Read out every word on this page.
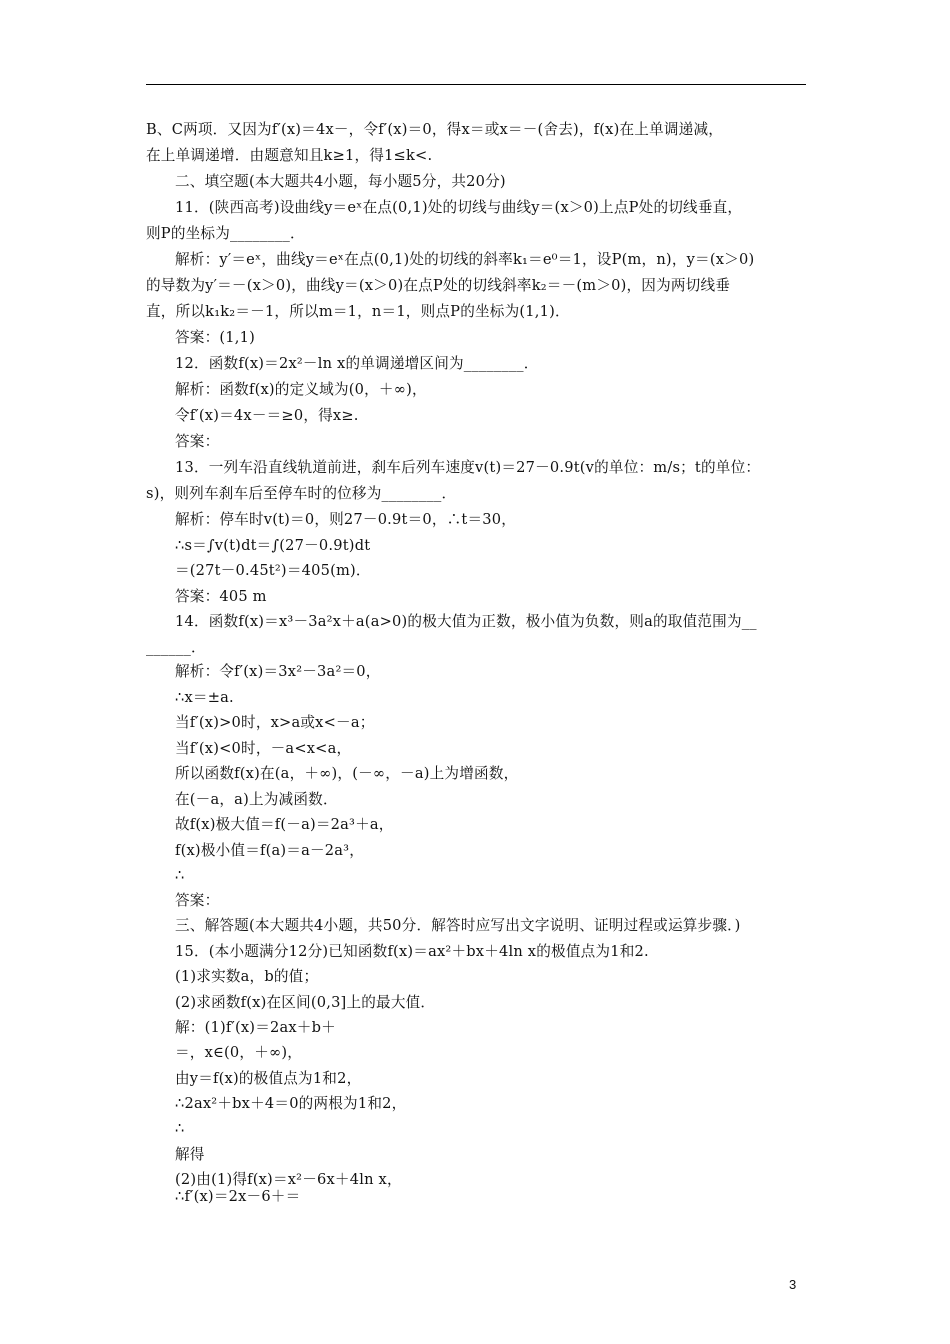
B、C两项．又因为f′(x)＝4x－，令f′(x)＝0，得x＝或x＝－(舍去)，f(x)在上单调递减，
在上单调递增．由题意知且k≥1，得1≤k<.
二、填空题(本大题共4小题，每小题5分，共20分)
11．(陕西高考)设曲线y＝eˣ在点(0,1)处的切线与曲线y＝(x＞0)上点P处的切线垂直，
则P的坐标为________．
解析：y′＝eˣ，曲线y＝eˣ在点(0,1)处的切线的斜率k₁＝e⁰＝1，设P(m，n)，y＝(x＞0)
的导数为y′＝－(x＞0)，曲线y＝(x＞0)在点P处的切线斜率k₂＝－(m＞0)，因为两切线垂
直，所以k₁k₂＝－1，所以m＝1，n＝1，则点P的坐标为(1,1)．
答案：(1,1)
12．函数f(x)＝2x²－ln x的单调递增区间为________．
解析：函数f(x)的定义域为(0，＋∞)，
令f′(x)＝4x－＝≥0，得x≥.
答案：
13．一列车沿直线轨道前进，刹车后列车速度v(t)＝27－0.9t(v的单位：m/s；t的单位：
s)，则列车刹车后至停车时的位移为________．
解析：停车时v(t)＝0，则27－0.9t＝0，∴t＝30，
∴s＝∫v(t)dt＝∫(27－0.9t)dt
＝(27t－0.45t²)＝405(m)．
答案：405 m
14．函数f(x)＝x³－3a²x＋a(a>0)的极大值为正数，极小值为负数，则a的取值范围为__
______．
解析：令f′(x)＝3x²－3a²＝0，
∴x＝±a.
当f′(x)>0时，x>a或x<－a；
当f′(x)<0时，－a<x<a，
所以函数f(x)在(a，＋∞)，(－∞，－a)上为增函数，
在(－a，a)上为减函数．
故f(x)极大值＝f(－a)＝2a³＋a，
f(x)极小值＝f(a)＝a－2a³，
∴
答案：
三、解答题(本大题共4小题，共50分．解答时应写出文字说明、证明过程或运算步骤．)
15．(本小题满分12分)已知函数f(x)＝ax²＋bx＋4ln x的极值点为1和2.
(1)求实数a，b的值；
(2)求函数f(x)在区间(0,3]上的最大值．
解：(1)f′(x)＝2ax＋b＋
＝，x∈(0，＋∞)，
由y＝f(x)的极值点为1和2，
∴2ax²＋bx＋4＝0的两根为1和2，
∴
解得
(2)由(1)得f(x)＝x²－6x＋4ln x，
∴f′(x)＝2x－6＋＝
3
